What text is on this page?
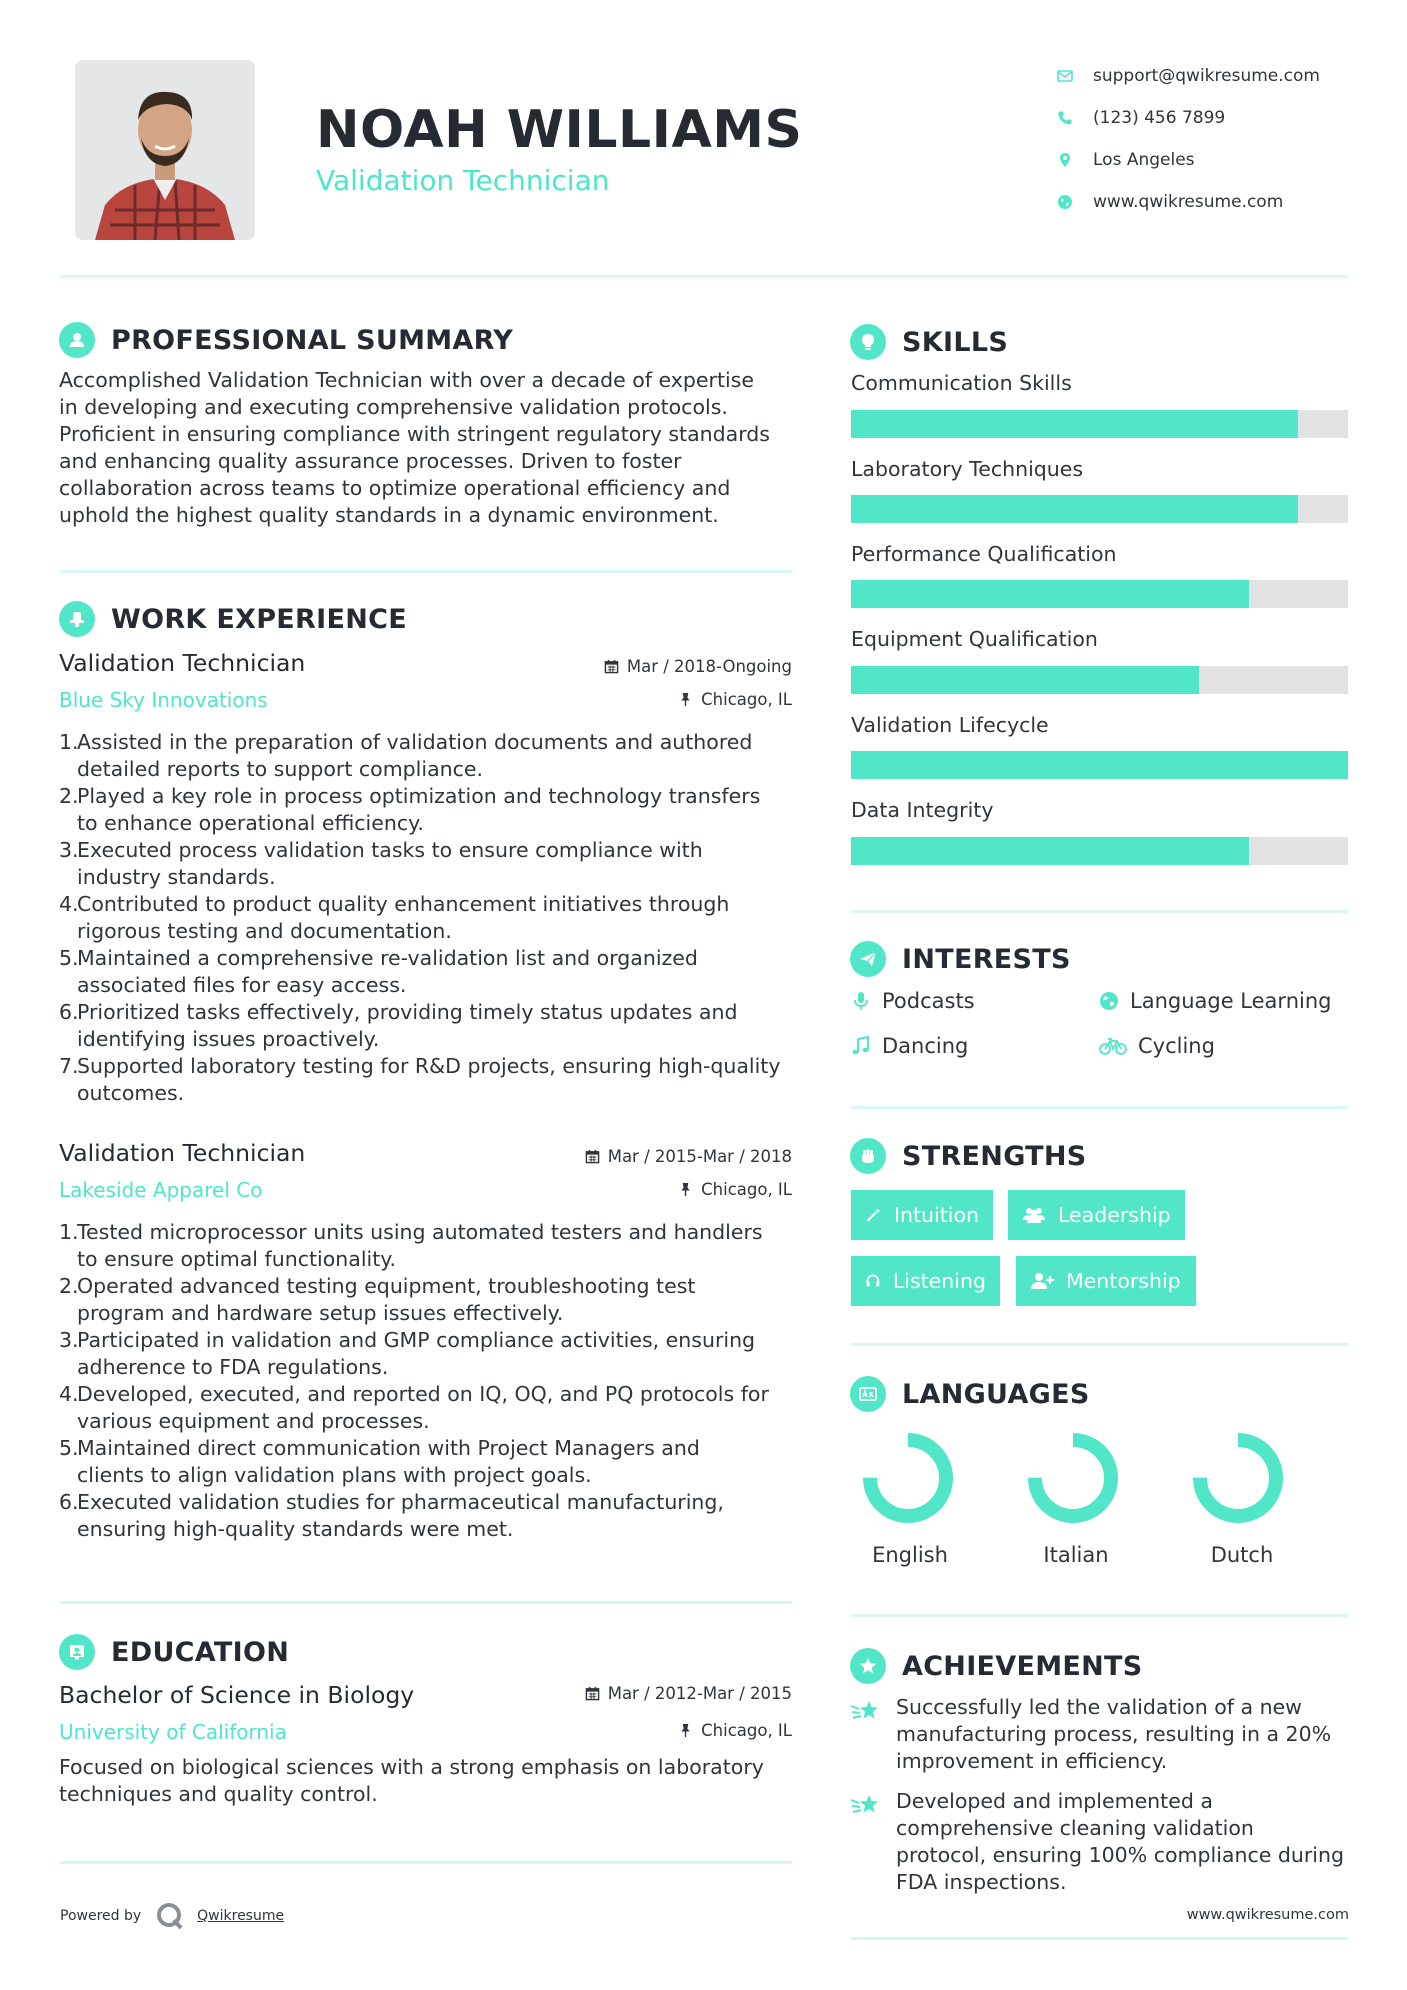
NOAH WILLIAMS
Validation Technician
support@qwikresume.com
(123) 456 7899
Los Angeles
www.qwikresume.com
PROFESSIONAL SUMMARY
Accomplished Validation Technician with over a decade of expertise
in developing and executing comprehensive validation protocols.
Proficient in ensuring compliance with stringent regulatory standards
and enhancing quality assurance processes. Driven to foster
collaboration across teams to optimize operational efficiency and
uphold the highest quality standards in a dynamic environment.
WORK EXPERIENCE
Validation Technician
Blue Sky Innovations
Mar / 2018-Ongoing
Chicago, IL
1.
Assisted in the preparation of validation documents and authored
detailed reports to support compliance.
2.
Played a key role in process optimization and technology transfers
to enhance operational efficiency.
3.
Executed process validation tasks to ensure compliance with
industry standards.
4.
Contributed to product quality enhancement initiatives through
rigorous testing and documentation.
5.
Maintained a comprehensive re-validation list and organized
associated files for easy access.
6.
Prioritized tasks effectively, providing timely status updates and
identifying issues proactively.
7.
Supported laboratory testing for R&D projects, ensuring high-quality
outcomes.
Validation Technician
Lakeside Apparel Co
Mar / 2015-Mar / 2018
Chicago, IL
1.
Tested microprocessor units using automated testers and handlers
to ensure optimal functionality.
2.
Operated advanced testing equipment, troubleshooting test
program and hardware setup issues effectively.
3.
Participated in validation and GMP compliance activities, ensuring
adherence to FDA regulations.
4.
Developed, executed, and reported on IQ, OQ, and PQ protocols for
various equipment and processes.
5.
Maintained direct communication with Project Managers and
clients to align validation plans with project goals.
6.
Executed validation studies for pharmaceutical manufacturing,
ensuring high-quality standards were met.
EDUCATION
Bachelor of Science in Biology
University of California
Mar / 2012-Mar / 2015
Chicago, IL
Focused on biological sciences with a strong emphasis on laboratory
techniques and quality control.
Powered by	Qwikresume
SKILLS
Communication Skills
Laboratory Techniques
Performance Qualification
Equipment Qualification
Validation Lifecycle
Data Integrity
INTERESTS
Podcasts	Language Learning
Dancing	Cycling
STRENGTHS
Intuition	Leadership
Listening	Mentorship
LANGUAGES
English	Italian	Dutch
ACHIEVEMENTS
Successfully led the validation of a new
manufacturing process, resulting in a 20%
improvement in efficiency.
Developed and implemented a
comprehensive cleaning validation
protocol, ensuring 100% compliance during
FDA inspections.
www.qwikresume.com
